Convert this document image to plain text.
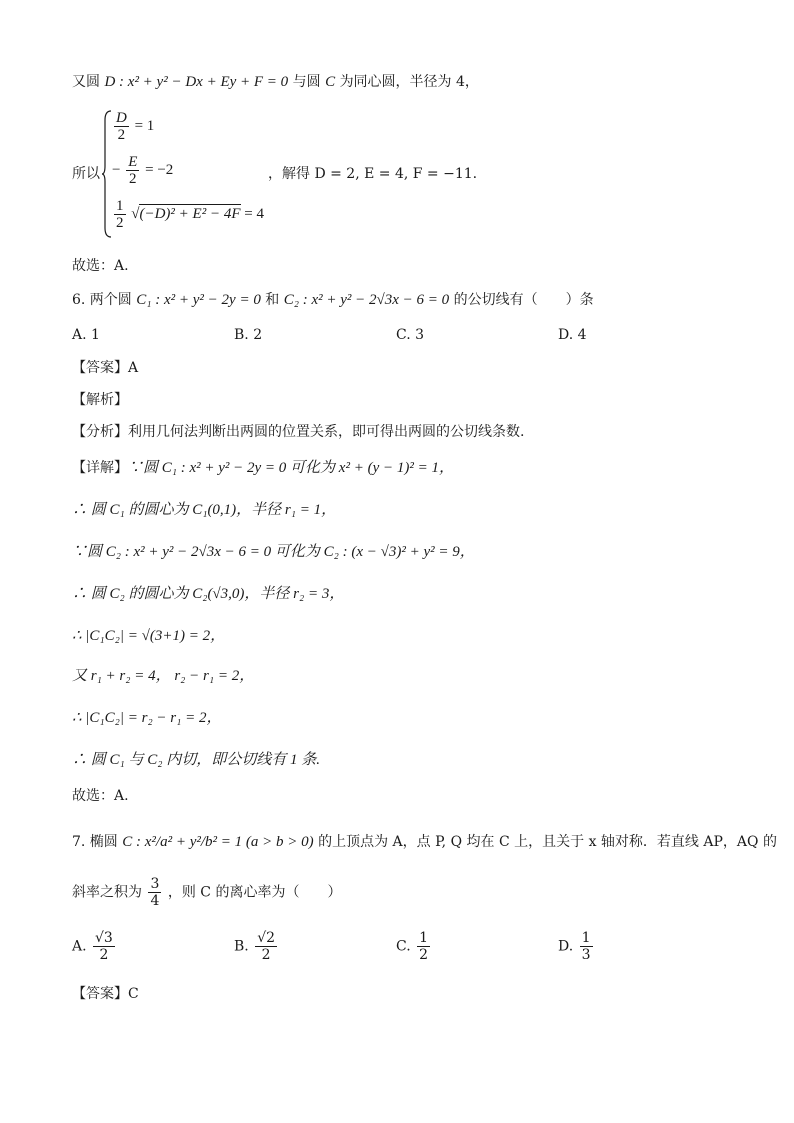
又圆 D : x² + y² − Dx + Ey + F = 0 与圆 C 为同心圆，半径为 4，
所以
$\frac{D}{2} = 1$
− $\frac{E}{2} = -2$
$\frac{1}{2} √(-D)^2 + E^2 - 4F = 4$
，解得 D = 2, E = 4, F = −11.
故选：A.
6. 两个圆 C₁ : x² + y² − 2y = 0 和 C₂ : x² + y² − 2√3x − 6 = 0 的公切线有（　　）条
A. 1	B. 2	C. 3	D. 4
【答案】A
【解析】
【分析】利用几何法判断出两圆的位置关系，即可得出两圆的公切线条数.
【详解】∵圆 C₁ : x² + y² − 2y = 0 可化为 x² + (y − 1)² = 1，
∴ 圆 C₁ 的圆心为 C₁(0,1)，半径 r₁ = 1，
∵圆 C₂ : x² + y² − 2√3x − 6 = 0 可化为 C₂ : (x − √3)² + y² = 9，
∴ 圆 C₂ 的圆心为 C₂(√3,0)，半径 r₂ = 3，
∴ |C₁C₂| = √(3+1) = 2，
又 r₁ + r₂ = 4， r₂ − r₁ = 2，
∴ |C₁C₂| = r₂ − r₁ = 2，
∴ 圆 C₁ 与 C₂ 内切，即公切线有 1 条.
故选：A.
7. 椭圆 C : x²/a² + y²/b² = 1 (a > b > 0) 的上顶点为 A，点 P, Q 均在 C 上，且关于 x 轴对称．若直线 AP，AQ 的
斜率之积为 $\frac{3}{4}$ ，则 C 的离心率为（　　）
A. $\frac{√3}{2}$	B. $\frac{√2}{2}$	C. $\frac{1}{2}$	D. $\frac{1}{3}$
【答案】C
